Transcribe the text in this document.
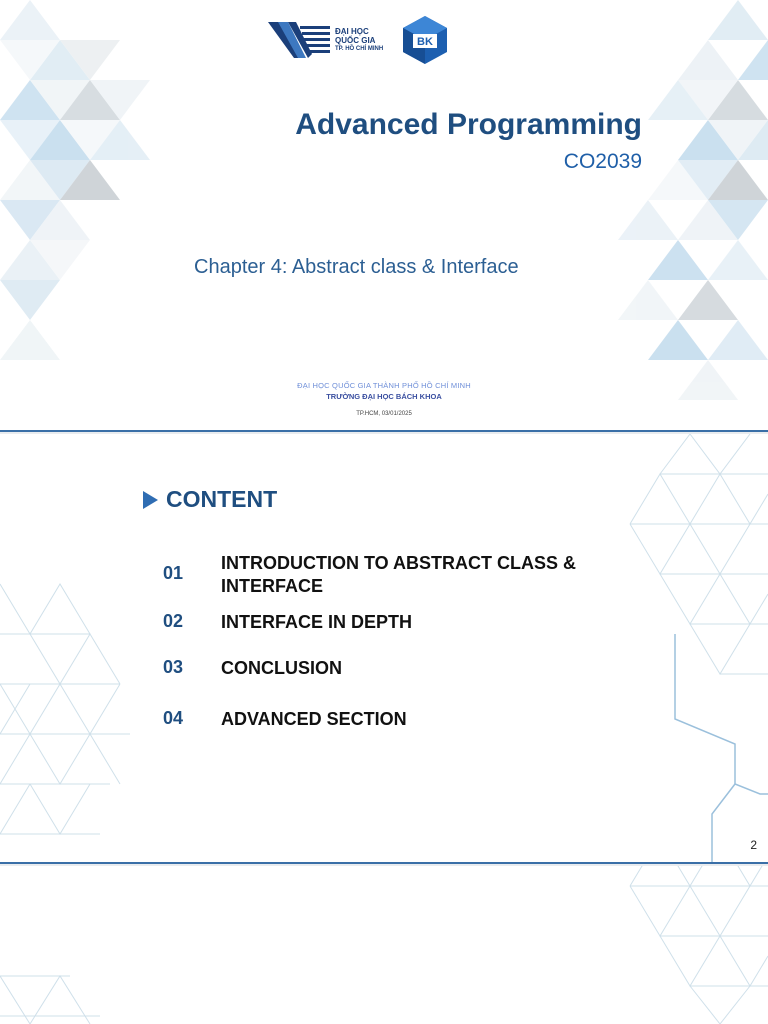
ĐẠI HỌC
QUỐC GIA
TP. HỒ CHÍ MINH
BK
Advanced Programming
CO2039
Chapter 4: Abstract class & Interface
ĐẠI HỌC QUỐC GIA THÀNH PHỐ HỒ CHÍ MINH
TRƯỜNG ĐẠI HỌC BÁCH KHOA
TP.HCM, 03/01/2025
CONTENT
01	INTRODUCTION TO ABSTRACT CLASS & INTERFACE
02	INTERFACE IN DEPTH
03	CONCLUSION
04	ADVANCED SECTION
2
